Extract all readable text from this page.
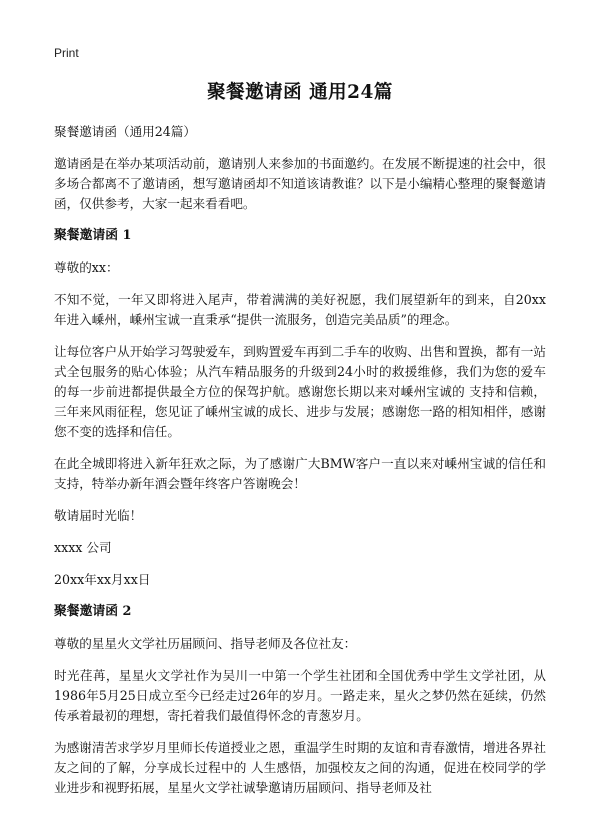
Print
聚餐邀请函 通用24篇

聚餐邀请函（通用24篇）

邀请函是在举办某项活动前，邀请别人来参加的书面邀约。在发展不断提速的社会中，很多场合都离不了邀请函，想写邀请函却不知道该请教谁？以下是小编精心整理的聚餐邀请函，仅供参考，大家一起来看看吧。

聚餐邀请函 1

尊敬的xx：

不知不觉，一年又即将进入尾声，带着满满的美好祝愿，我们展望新年的到来，自20xx年进入嵊州，嵊州宝诚一直秉承“提供一流服务，创造完美品质”的理念。

让每位客户从开始学习驾驶爱车，到购置爱车再到二手车的收购、出售和置换，都有一站式全包服务的贴心体验；从汽车精品服务的升级到24小时的救援维修，我们为您的爱车的每一步前进都提供最全方位的保驾护航。感谢您长期以来对嵊州宝诚的 支持和信赖，三年来风雨征程，您见证了嵊州宝诚的成长、进步与发展；感谢您一路的相知相伴，感谢您不变的选择和信任。

在此全城即将进入新年狂欢之际，为了感谢广大BMW客户一直以来对嵊州宝诚的信任和支持，特举办新年酒会暨年终客户答谢晚会！

敬请届时光临！

xxxx 公司

20xx年xx月xx日

聚餐邀请函 2

尊敬的星星火文学社历届顾问、指导老师及各位社友：

时光荏苒，星星火文学社作为吴川一中第一个学生社团和全国优秀中学生文学社团，从1986年5月25日成立至今已经走过26年的岁月。一路走来，星火之梦仍然在延续，仍然传承着最初的理想，寄托着我们最值得怀念的青葱岁月。

为感谢清苦求学岁月里师长传道授业之恩，重温学生时期的友谊和青春激情，增进各界社友之间的了解，分享成长过程中的 人生感悟，加强校友之间的沟通，促进在校同学的学业进步和视野拓展，星星火文学社诚挚邀请历届顾问、指导老师及社
